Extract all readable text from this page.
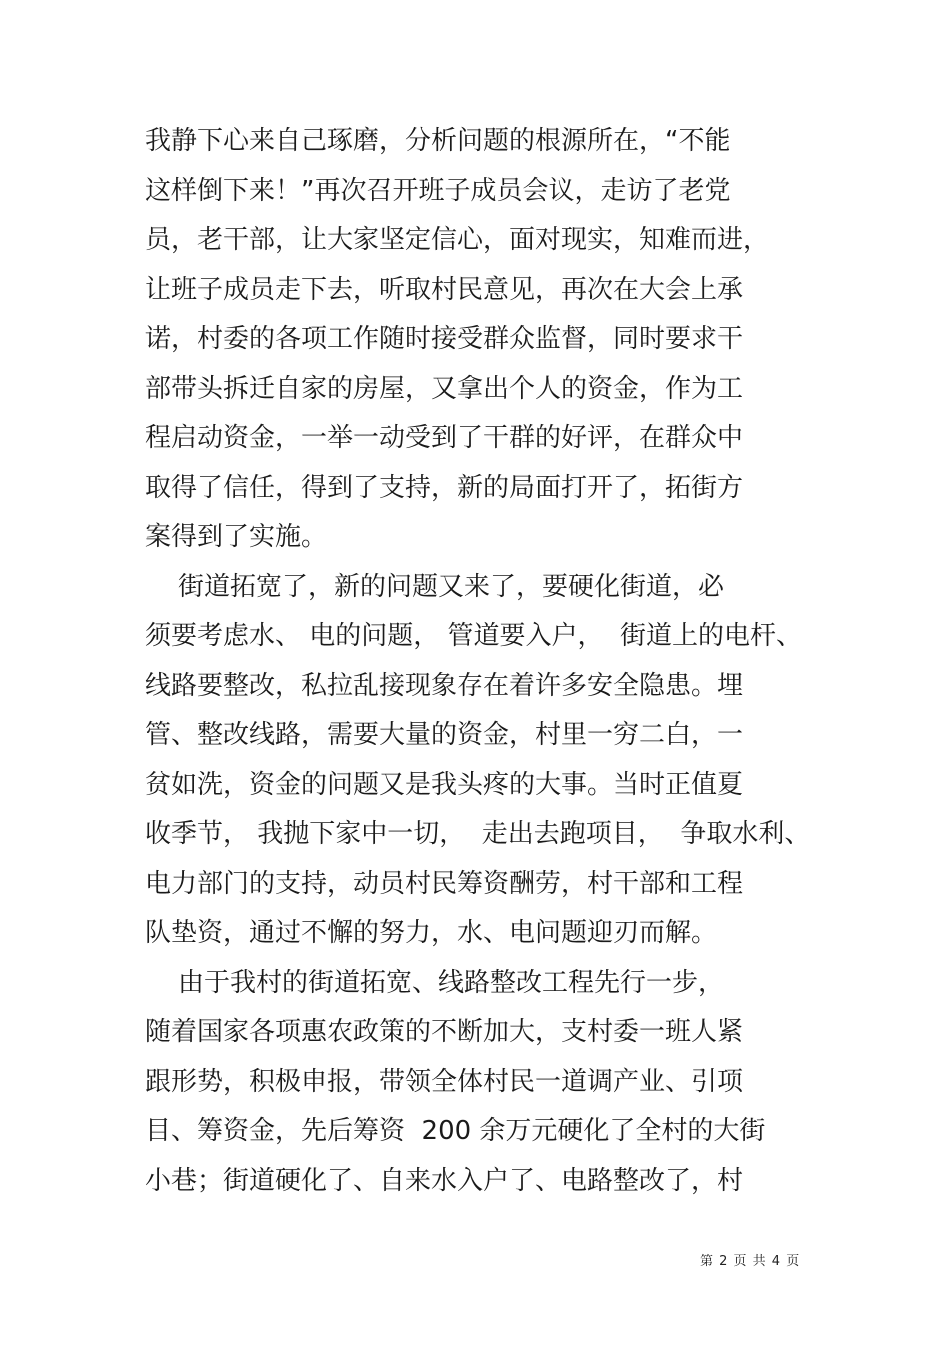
我静下心来自己琢磨，分析问题的根源所在，“不能
这样倒下来！”再次召开班子成员会议，走访了老党
员，老干部，让大家坚定信心，面对现实，知难而进，
让班子成员走下去，听取村民意见，再次在大会上承
诺，村委的各项工作随时接受群众监督，同时要求干
部带头拆迁自家的房屋，又拿出个人的资金，作为工
程启动资金，一举一动受到了干群的好评，在群众中
取得了信任，得到了支持，新的局面打开了，拓街方
案得到了实施。
街道拓宽了，新的问题又来了，要硬化街道，必
须要考虑水、 电的问题， 管道要入户，  街道上的电杆、
线路要整改，私拉乱接现象存在着许多安全隐患。埋
管、整改线路，需要大量的资金，村里一穷二白，一
贫如洗，资金的问题又是我头疼的大事。当时正值夏
收季节， 我抛下家中一切，  走出去跑项目，  争取水利、
电力部门的支持，动员村民筹资酬劳，村干部和工程
队垫资，通过不懈的努力，水、电问题迎刃而解。
由于我村的街道拓宽、线路整改工程先行一步，
随着国家各项惠农政策的不断加大，支村委一班人紧
跟形势，积极申报，带领全体村民一道调产业、引项
目、筹资金，先后筹资  200 余万元硬化了全村的大街
小巷；街道硬化了、自来水入户了、电路整改了，村
第 2 页 共 4 页
